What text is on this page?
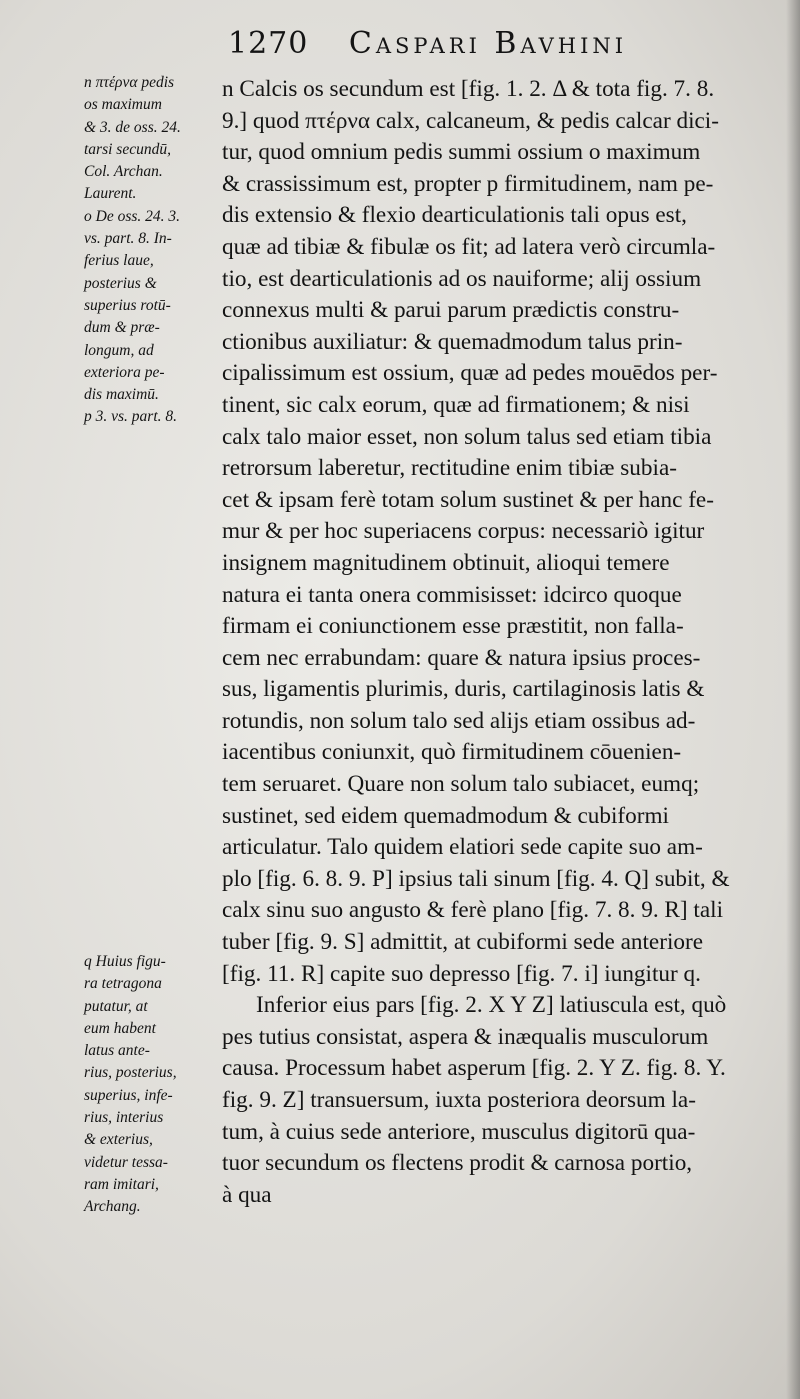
1270 Caspari Bavhini
n πτέρνα pedis
os maximum
& 3. de oss. 24.
tarsi secundū,
Col. Archan.
Laurent.
o De oss. 24. 3.
vs. part. 8. In-
ferius laue,
posterius &
superius rotū-
dum & præ-
longum, ad
exteriora pe-
dis maximū.
p 3. vs. part. 8.
q Huius figu-
ra tetragona
putatur, at
eum habent
latus ante-
rius, posterius,
superius, infe-
rius, interius
& exterius,
videtur tessa-
ram imitari,
Archang.
n Calcis os secundum est [fig. 1. 2. Δ & tota fig. 7. 8.
9.] quod πτέρνα calx, calcaneum, & pedis calcar dici-
tur, quod omnium pedis summi ossium o maximum
& crassissimum est, propter p firmitudinem, nam pe-
dis extensio & flexio dearticulationis tali opus est,
quæ ad tibiæ & fibulæ os fit; ad latera verò circumla-
tio, est dearticulationis ad os nauiforme; alij ossium
connexus multi & parui parum prædictis constru-
ctionibus auxiliatur: & quemadmodum talus prin-
cipalissimum est ossium, quæ ad pedes mouēdos per-
tinent, sic calx eorum, quæ ad firmationem; & nisi
calx talo maior esset, non solum talus sed etiam tibia
retrorsum laberetur, rectitudine enim tibiæ subia-
cet & ipsam ferè totam solum sustinet & per hanc fe-
mur & per hoc superiacens corpus: necessariò igitur
insignem magnitudinem obtinuit, alioqui temere
natura ei tanta onera commisisset: idcirco quoque
firmam ei coniunctionem esse præstitit, non falla-
cem nec errabundam: quare & natura ipsius proces-
sus, ligamentis plurimis, duris, cartilaginosis latis &
rotundis, non solum talo sed alijs etiam ossibus ad-
iacentibus coniunxit, quò firmitudinem cōuenien-
tem seruaret. Quare non solum talo subiacet, eumq;
sustinet, sed eidem quemadmodum & cubiformi
articulatur. Talo quidem elatiori sede capite suo am-
plo [fig. 6. 8. 9. P] ipsius tali sinum [fig. 4. Q] subit, &
calx sinu suo angusto & ferè plano [fig. 7. 8. 9. R] tali
tuber [fig. 9. S] admittit, at cubiformi sede anteriore
[fig. 11. R] capite suo depresso [fig. 7. i] iungitur q.
Inferior eius pars [fig. 2. X Y Z] latiuscula est, quò
pes tutius consistat, aspera & inæqualis musculorum
causa. Processum habet asperum [fig. 2. Y Z. fig. 8. Y.
fig. 9. Z] transuersum, iuxta posteriora deorsum la-
tum, à cuius sede anteriore, musculus digitorū qua-
tuor secundum os flectens prodit & carnosa portio,
à qua
